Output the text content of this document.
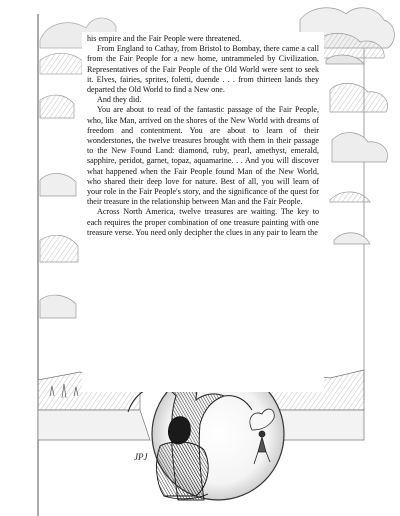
JPJ

his empire and the Fair People were threatened.

From England to Cathay, from Bristol to Bombay, there came a call from the Fair People for a new home, untrammeled by Civilization. Representatives of the Fair People of the Old World were sent to seek it. Elves, fairies, sprites, foletti, duende . . . from thirteen lands they departed the Old World to find a New one.

And they did.

You are about to read of the fantastic passage of the Fair People, who, like Man, arrived on the shores of the New World with dreams of freedom and contentment. You are about to learn of their wonderstones, the twelve treasures brought with them in their passage to the New Found Land: diamond, ruby, pearl, amethyst, emerald, sapphire, peridot, garnet, topaz, aquamarine. . . And you will discover what happened when the Fair People found Man of the New World, who shared their deep love for nature. Best of all, you will learn of your role in the Fair People's story, and the significance of the quest for their treasure in the relationship between Man and the Fair People.

Across North America, twelve treasures are waiting. The key to each requires the proper combination of one treasure painting with one treasure verse. You need only decipher the clues in any pair to learn the
